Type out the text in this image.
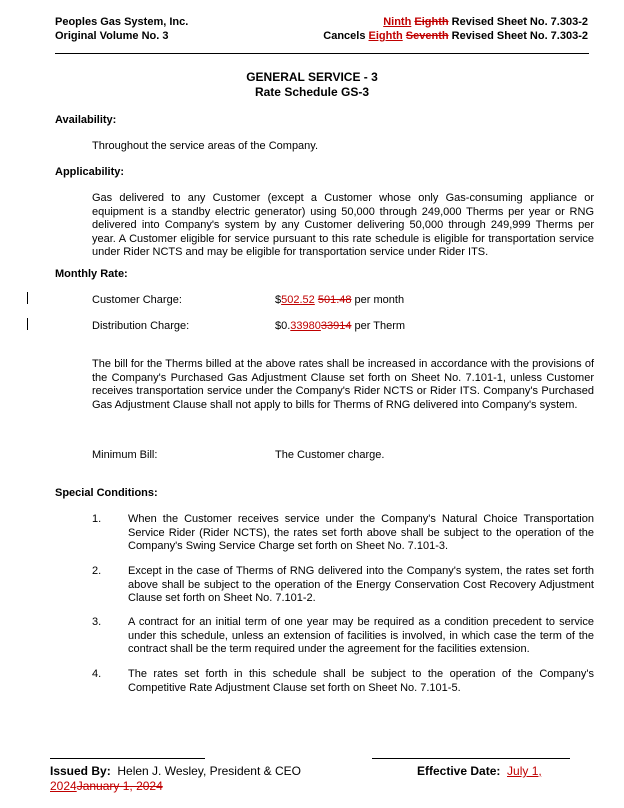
Peoples Gas System, Inc.
Original Volume No. 3
Ninth Eighth Revised Sheet No. 7.303-2
Cancels Eighth Seventh Revised Sheet No. 7.303-2
GENERAL SERVICE - 3
Rate Schedule GS-3
Availability:
Throughout the service areas of the Company.
Applicability:
Gas delivered to any Customer (except a Customer whose only Gas-consuming appliance or equipment is a standby electric generator) using 50,000 through 249,000 Therms per year or RNG delivered into Company's system by any Customer delivering 50,000 through 249,999 Therms per year. A Customer eligible for service pursuant to this rate schedule is eligible for transportation service under Rider NCTS and may be eligible for transportation service under Rider ITS.
Monthly Rate:
Customer Charge:	$502.52 501.48 per month
Distribution Charge:	$0.3398033914 per Therm
The bill for the Therms billed at the above rates shall be increased in accordance with the provisions of the Company's Purchased Gas Adjustment Clause set forth on Sheet No. 7.101-1, unless Customer receives transportation service under the Company's Rider NCTS or Rider ITS. Company's Purchased Gas Adjustment Clause shall not apply to bills for Therms of RNG delivered into Company's system.
Minimum Bill:	The Customer charge.
Special Conditions:
1. When the Customer receives service under the Company's Natural Choice Transportation Service Rider (Rider NCTS), the rates set forth above shall be subject to the operation of the Company's Swing Service Charge set forth on Sheet No. 7.101-3.
2. Except in the case of Therms of RNG delivered into the Company's system, the rates set forth above shall be subject to the operation of the Energy Conservation Cost Recovery Adjustment Clause set forth on Sheet No. 7.101-2.
3. A contract for an initial term of one year may be required as a condition precedent to service under this schedule, unless an extension of facilities is involved, in which case the term of the contract shall be the term required under the agreement for the facilities extension.
4. The rates set forth in this schedule shall be subject to the operation of the Company's Competitive Rate Adjustment Clause set forth on Sheet No. 7.101-5.
Issued By: Helen J. Wesley, President & CEO	Effective Date: July 1,
2024January 1, 2024
